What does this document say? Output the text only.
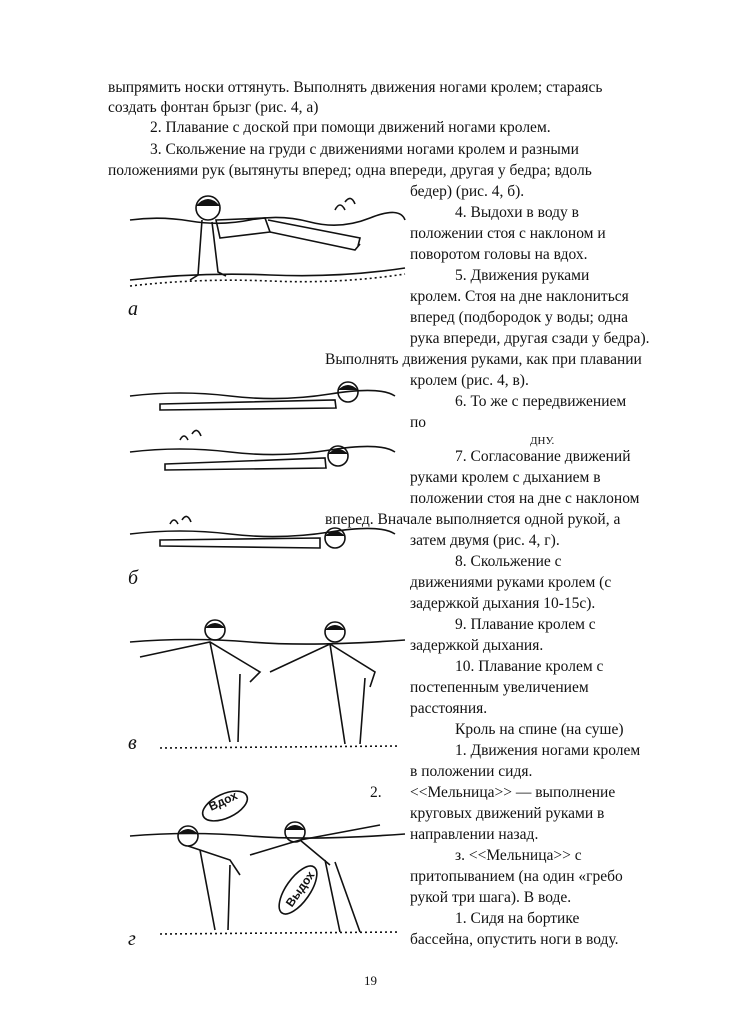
выпрямить носки оттянуть. Выполнять движения ногами кролем; стараясь
создать фонтан брызг (рис. 4, а)
2. Плавание с доской при помощи движений ногами кролем.
3. Скольжение на груди с движениями ногами кролем и разными
положениями рук (вытянуты вперед; одна впереди, другая у бедра; вдоль
бедер) (рис. 4, б).
4. Выдохи в воду в
положении стоя с наклоном и
поворотом головы на вдох.
5. Движения руками
кролем. Стоя на дне наклониться
вперед (подбородок у воды; одна
рука впереди, другая сзади у бедра).
Выполнять движения руками, как при плавании
кролем (рис. 4, в).
6. То же с передвижением
по
ДНУ.
7. Согласование движений
руками кролем с дыханием в
положении стоя на дне с наклоном
вперед. Вначале выполняется одной рукой, а
затем двумя (рис. 4, г).
8. Скольжение с
движениями руками кролем (с
задержкой дыхания 10-15с).
9. Плавание кролем с
задержкой дыхания.
10. Плавание кролем с
постепенным увеличением
расстояния.
Кроль на спине (на суше)
1. Движения ногами кролем
в положении сидя.
2. <<Мельница>> — выполнение
круговых движений руками в
направлении назад.
з. <<Мельница>> с
притопыванием (на один «гребо
рукой три шага). В воде.
1. Сидя на бортике
бассейна, опустить ноги в воду.
19
а
б
в
Вдох
Выдох
г
